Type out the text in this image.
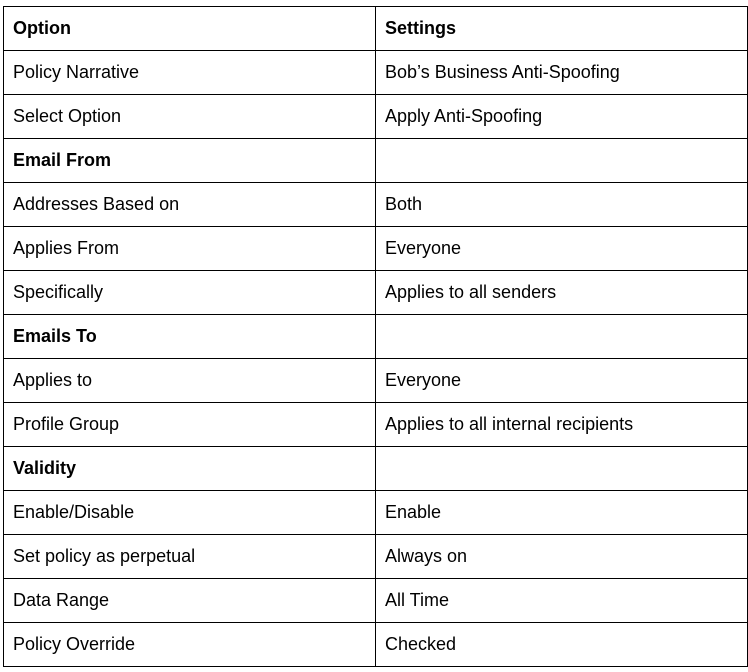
Option	Settings
Policy Narrative	Bob’s Business Anti-Spoofing
Select Option	Apply Anti-Spoofing
Email From	
Addresses Based on	Both
Applies From	Everyone
Specifically	Applies to all senders
Emails To	
Applies to	Everyone
Profile Group	Applies to all internal recipients
Validity	
Enable/Disable	Enable
Set policy as perpetual	Always on
Data Range	All Time
Policy Override	Checked
